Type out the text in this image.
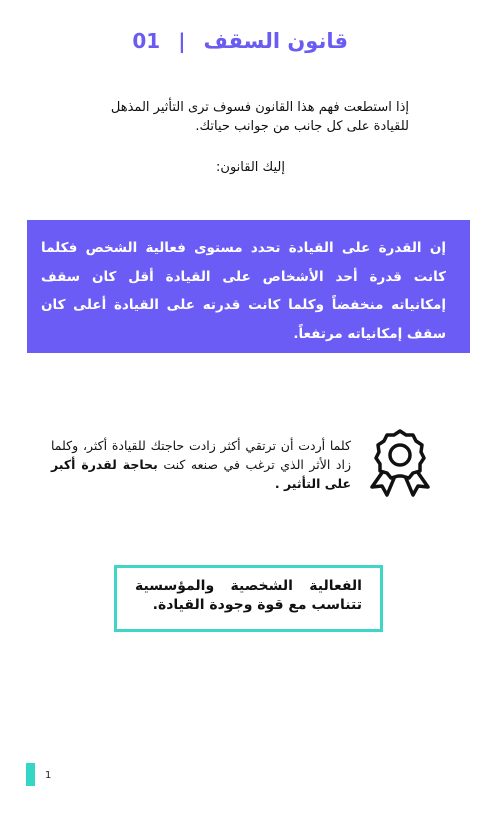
01 | قانون السقف
إذا استطعت فهم هذا القانون فسوف ترى التأثير المذهل للقيادة على كل جانب من جوانب حياتك.
إليك القانون:
إن القدرة على القيادة تحدد مستوى فعالية الشخص فكلما كانت قدرة أحد الأشخاص على القيادة أقل كان سقف إمكانياته منخفضاً وكلما كانت قدرته على القيادة أعلى كان سقف إمكانياته مرتفعاً.
كلما أردت أن ترتقي أكثر زادت حاجتك للقيادة أكثر، وكلما زاد الأثر الذي ترغب في صنعه كنت بحاجة لقدرة أكبر على التأثير .
الفعالية الشخصية والمؤسسية تتناسب مع قوة وجودة القيادة.
1
